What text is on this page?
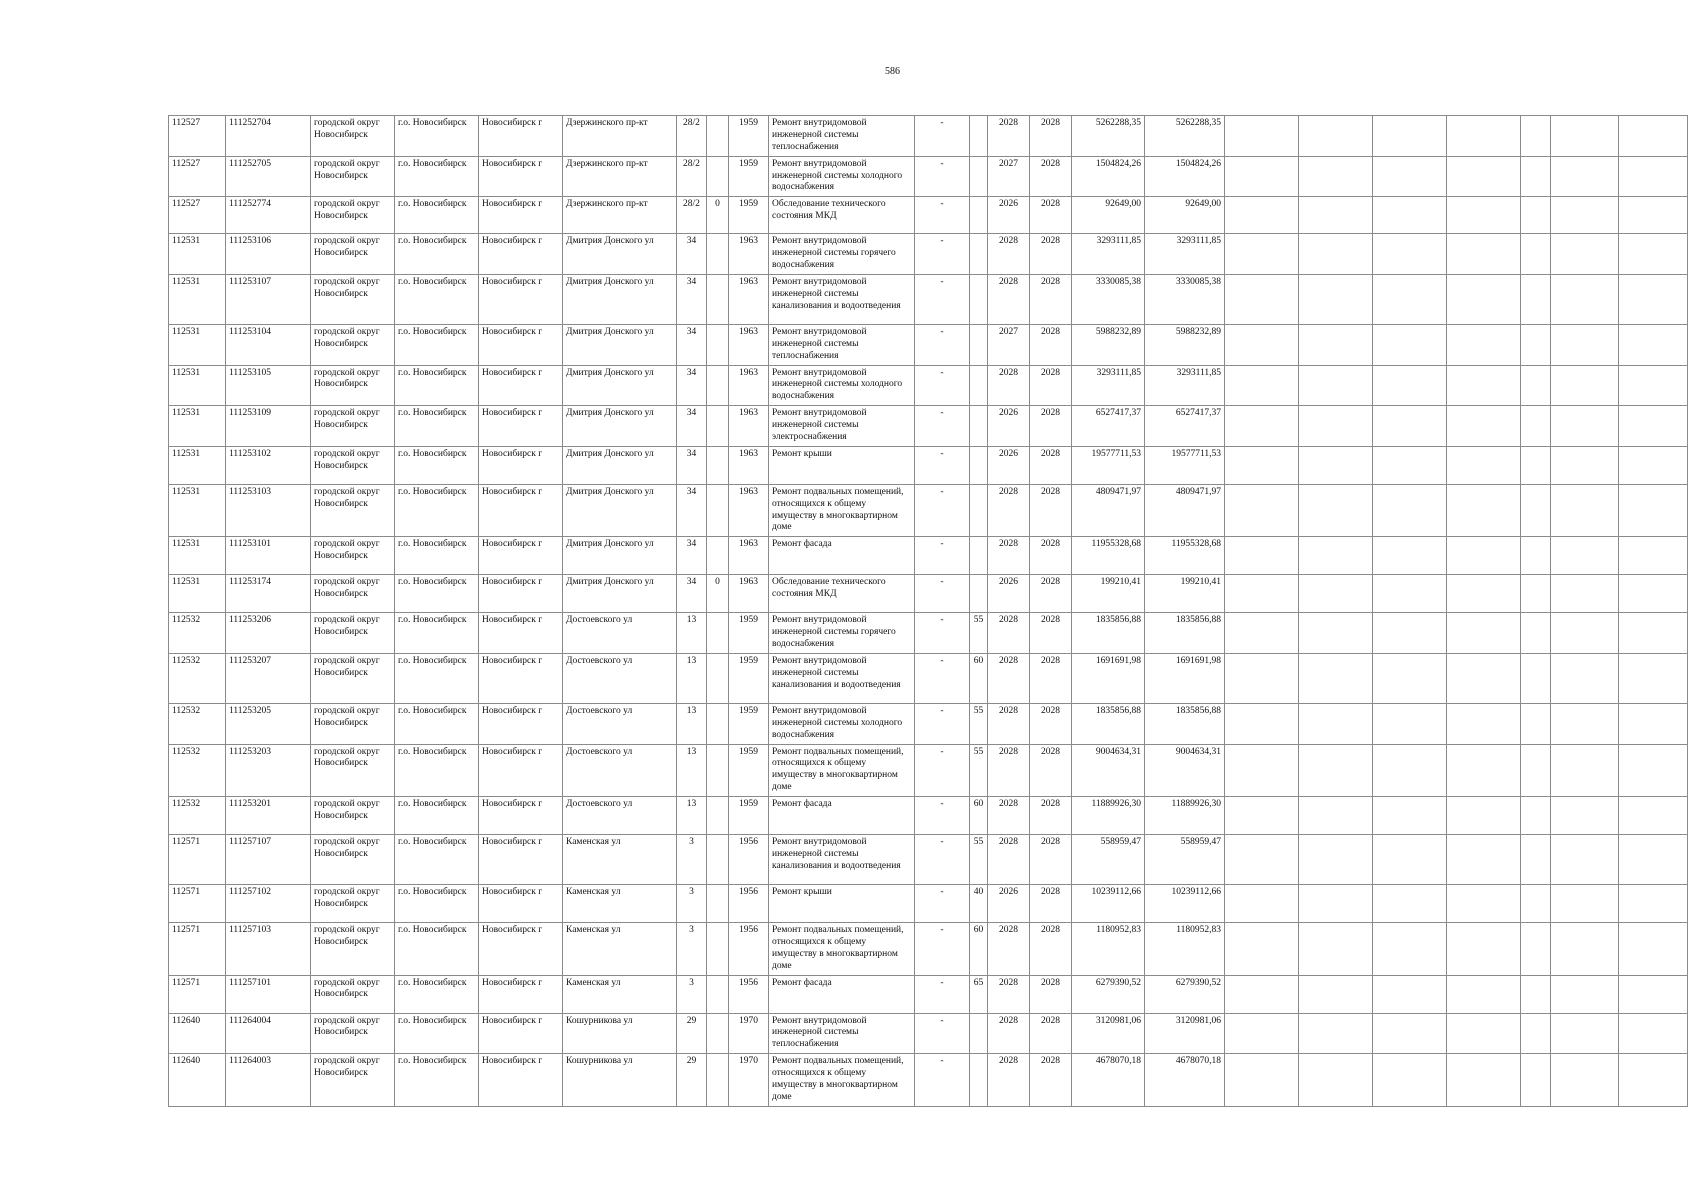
586
112527	111252704	городской округ Новосибирск	г.о. Новосибирск	Новосибирск г	Дзержинского пр-кт	28/2		1959	Ремонт внутридомовой инженерной системы теплоснабжения	-		2028	2028	5262288,35	5262288,35							
112527	111252705	городской округ Новосибирск	г.о. Новосибирск	Новосибирск г	Дзержинского пр-кт	28/2		1959	Ремонт внутридомовой инженерной системы холодного водоснабжения	-		2027	2028	1504824,26	1504824,26							
112527	111252774	городской округ Новосибирск	г.о. Новосибирск	Новосибирск г	Дзержинского пр-кт	28/2	0	1959	Обследование технического состояния МКД	-		2026	2028	92649,00	92649,00							
112531	111253106	городской округ Новосибирск	г.о. Новосибирск	Новосибирск г	Дмитрия Донского ул	34		1963	Ремонт внутридомовой инженерной системы горячего водоснабжения	-		2028	2028	3293111,85	3293111,85							
112531	111253107	городской округ Новосибирск	г.о. Новосибирск	Новосибирск г	Дмитрия Донского ул	34		1963	Ремонт внутридомовой инженерной системы канализования и водоотведения	-		2028	2028	3330085,38	3330085,38							
112531	111253104	городской округ Новосибирск	г.о. Новосибирск	Новосибирск г	Дмитрия Донского ул	34		1963	Ремонт внутридомовой инженерной системы теплоснабжения	-		2027	2028	5988232,89	5988232,89							
112531	111253105	городской округ Новосибирск	г.о. Новосибирск	Новосибирск г	Дмитрия Донского ул	34		1963	Ремонт внутридомовой инженерной системы холодного водоснабжения	-		2028	2028	3293111,85	3293111,85							
112531	111253109	городской округ Новосибирск	г.о. Новосибирск	Новосибирск г	Дмитрия Донского ул	34		1963	Ремонт внутридомовой инженерной системы электроснабжения	-		2026	2028	6527417,37	6527417,37							
112531	111253102	городской округ Новосибирск	г.о. Новосибирск	Новосибирск г	Дмитрия Донского ул	34		1963	Ремонт крыши	-		2026	2028	19577711,53	19577711,53							
112531	111253103	городской округ Новосибирск	г.о. Новосибирск	Новосибирск г	Дмитрия Донского ул	34		1963	Ремонт подвальных помещений, относящихся к общему имуществу в многоквартирном доме	-		2028	2028	4809471,97	4809471,97							
112531	111253101	городской округ Новосибирск	г.о. Новосибирск	Новосибирск г	Дмитрия Донского ул	34		1963	Ремонт фасада	-		2028	2028	11955328,68	11955328,68							
112531	111253174	городской округ Новосибирск	г.о. Новосибирск	Новосибирск г	Дмитрия Донского ул	34	0	1963	Обследование технического состояния МКД	-		2026	2028	199210,41	199210,41							
112532	111253206	городской округ Новосибирск	г.о. Новосибирск	Новосибирск г	Достоевского ул	13		1959	Ремонт внутридомовой инженерной системы горячего водоснабжения	-	55	2028	2028	1835856,88	1835856,88							
112532	111253207	городской округ Новосибирск	г.о. Новосибирск	Новосибирск г	Достоевского ул	13		1959	Ремонт внутридомовой инженерной системы канализования и водоотведения	-	60	2028	2028	1691691,98	1691691,98							
112532	111253205	городской округ Новосибирск	г.о. Новосибирск	Новосибирск г	Достоевского ул	13		1959	Ремонт внутридомовой инженерной системы холодного водоснабжения	-	55	2028	2028	1835856,88	1835856,88							
112532	111253203	городской округ Новосибирск	г.о. Новосибирск	Новосибирск г	Достоевского ул	13		1959	Ремонт подвальных помещений, относящихся к общему имуществу в многоквартирном доме	-	55	2028	2028	9004634,31	9004634,31							
112532	111253201	городской округ Новосибирск	г.о. Новосибирск	Новосибирск г	Достоевского ул	13		1959	Ремонт фасада	-	60	2028	2028	11889926,30	11889926,30							
112571	111257107	городской округ Новосибирск	г.о. Новосибирск	Новосибирск г	Каменская ул	3		1956	Ремонт внутридомовой инженерной системы канализования и водоотведения	-	55	2028	2028	558959,47	558959,47							
112571	111257102	городской округ Новосибирск	г.о. Новосибирск	Новосибирск г	Каменская ул	3		1956	Ремонт крыши	-	40	2026	2028	10239112,66	10239112,66							
112571	111257103	городской округ Новосибирск	г.о. Новосибирск	Новосибирск г	Каменская ул	3		1956	Ремонт подвальных помещений, относящихся к общему имуществу в многоквартирном доме	-	60	2028	2028	1180952,83	1180952,83							
112571	111257101	городской округ Новосибирск	г.о. Новосибирск	Новосибирск г	Каменская ул	3		1956	Ремонт фасада	-	65	2028	2028	6279390,52	6279390,52							
112640	111264004	городской округ Новосибирск	г.о. Новосибирск	Новосибирск г	Кошурникова ул	29		1970	Ремонт внутридомовой инженерной системы теплоснабжения	-		2028	2028	3120981,06	3120981,06							
112640	111264003	городской округ Новосибирск	г.о. Новосибирск	Новосибирск г	Кошурникова ул	29		1970	Ремонт подвальных помещений, относящихся к общему имуществу в многоквартирном доме	-		2028	2028	4678070,18	4678070,18							
